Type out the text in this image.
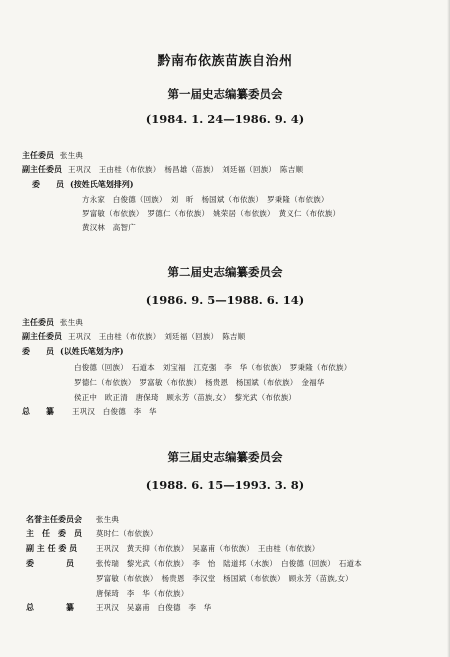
黔南布依族苗族自治州
第一届史志编纂委员会
(1984. 1. 24—1986. 9. 4)
主任委员 张生典
副主任委员 王巩汉　王由桂（布依族）　杨昌雄（苗族）　刘廷福（回族）　陈吉顺
委　　员 (按姓氏笔划排列)
方永家　白俊德（回族）　刘　昕　杨国斌（布依族）　罗秉隆（布依族）
罗富敏（布依族）　罗德仁（布依族）　姚荣居（布依族）　黄义仁（布依族）
黄汉林　高智广
第二届史志编纂委员会
(1986. 9. 5—1988. 6. 14)
主任委员 张生典
副主任委员 王巩汉　王由桂（布依族）　刘廷福（回族）　陈吉顺
委　　员 (以姓氏笔划为序)
白俊德（回族）　石道本　刘宝福　江克强　李　华（布依族）　罗秉隆（布依族）
罗德仁（布依族）　罗富敏（布依族）　杨贵恩　杨国斌（布依族）　金福华
侯正中　欧正清　唐保琦　顾永芳（苗族,女）　黎光武（布依族）
总　　纂 王巩汉　白俊德　李　华
第三届史志编纂委员会
(1988. 6. 15—1993. 3. 8)
名誉主任委员会 张生典
主　任　委　员 莫时仁（布依族）
副 主 任 委 员	王巩汉　黄天抑（布依族）　吴嘉甫（布依族）　王由桂（布依族）
委　　　　员	张传瑞　黎光武（布依族）　李　怡　陆道邦（水族）　白俊德（回族）　石道本
罗富敏（布依族）　杨贵恩　李汉堂　杨国斌（布依族）　顾永芳（苗族,女）
唐保琦　李　华（布依族）
总　　　　纂	王巩汉　吴嘉甫　白俊德　李　华
